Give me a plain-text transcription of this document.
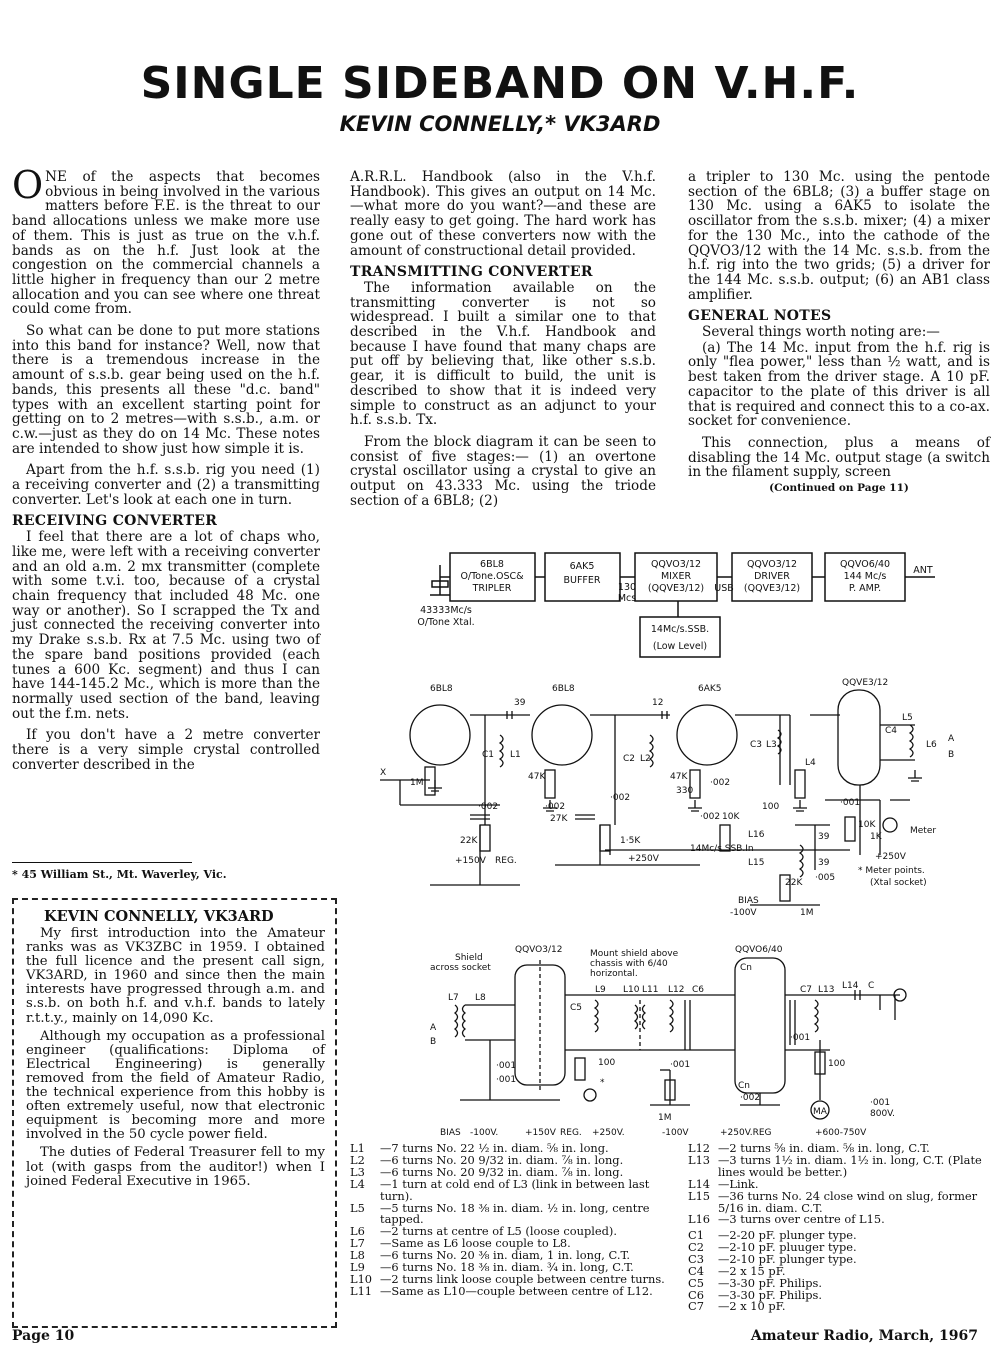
SINGLE SIDEBAND ON V.H.F.
KEVIN CONNELLY,* VK3ARD

ONE of the aspects that becomes obvious in being involved in the various matters before F.E. is the threat to our band allocations unless we make more use of them. This is just as true on the v.h.f. bands as on the h.f. Just look at the congestion on the commercial channels a little higher in frequency than our 2 metre allocation and you can see where one threat could come from.

So what can be done to put more stations into this band for instance? Well, now that there is a tremendous increase in the amount of s.s.b. gear being used on the h.f. bands, this presents all these "d.c. band" types with an excellent starting point for getting on to 2 metres—with s.s.b., a.m. or c.w.—just as they do on 14 Mc. These notes are intended to show just how simple it is.

Apart from the h.f. s.s.b. rig you need (1) a receiving converter and (2) a transmitting converter. Let's look at each one in turn.

RECEIVING CONVERTER

I feel that there are a lot of chaps who, like me, were left with a receiving converter and an old a.m. 2 mx transmitter (complete with some t.v.i. too, because of a crystal chain frequency that included 48 Mc. one way or another). So I scrapped the Tx and just connected the receiving converter into my Drake s.s.b. Rx at 7.5 Mc. using two of the spare band positions provided (each tunes a 600 Kc. segment) and thus I can have 144-145.2 Mc., which is more than the normally used section of the band, leaving out the f.m. nets.

If you don't have a 2 metre converter there is a very simple crystal controlled converter described in the

* 45 William St., Mt. Waverley, Vic.
KEVIN CONNELLY, VK3ARD

My first introduction into the Amateur ranks was as VK3ZBC in 1959. I obtained the full licence and the present call sign, VK3ARD, in 1960 and since then the main interests have progressed through a.m. and s.s.b. on both h.f. and v.h.f. bands to lately r.t.t.y., mainly on 14,090 Kc.

Although my occupation as a professional engineer (qualifications: Diploma of Electrical Engineering) is generally removed from the field of Amateur Radio, the technical experience from this hobby is often extremely useful, now that electronic equipment is becoming more and more involved in the 50 cycle power field.

The duties of Federal Treasurer fell to my lot (with gasps from the auditor!) when I joined Federal Executive in 1965.

A.R.R.L. Handbook (also in the V.h.f. Handbook). This gives an output on 14 Mc.—what more do you want?—and these are really easy to get going. The hard work has gone out of these converters now with the amount of constructional detail provided.

TRANSMITTING CONVERTER

The information available on the transmitting converter is not so widespread. I built a similar one to that described in the V.h.f. Handbook and because I have found that many chaps are put off by believing that, like other s.s.b. gear, it is difficult to build, the unit is described to show that it is indeed very simple to construct as an adjunct to your h.f. s.s.b. Tx.

From the block diagram it can be seen to consist of five stages:— (1) an overtone crystal oscillator using a crystal to give an output on 43.333 Mc. using the triode section of a 6BL8; (2)

a tripler to 130 Mc. using the pentode section of the 6BL8; (3) a buffer stage on 130 Mc. using a 6AK5 to isolate the oscillator from the s.s.b. mixer; (4) a mixer for the 130 Mc., into the cathode of the QQVO3/12 with the 14 Mc. s.s.b. from the h.f. rig into the two grids; (5) a driver for the 144 Mc. s.s.b. output; (6) an AB1 class amplifier.

GENERAL NOTES

Several things worth noting are:—

(a) The 14 Mc. input from the h.f. rig is only "flea power," less than ½ watt, and is best taken from the driver stage. A 10 pF. capacitor to the plate of this driver is all that is required and connect this to a co-ax. socket for convenience.

This connection, plus a means of disabling the 14 Mc. output stage (a switch in the filament supply, screen

(Continued on Page 11)
6BL8
O/Tone.OSC&
TRIPLER
6AK5
BUFFER
QQVO3/12
MIXER
(QQVE3/12)
QQVO3/12
DRIVER
(QQVE3/12)
QQVO6/40
144 Mc/s
P. AMP.
ANT
130
Mcs
USB
43333Mc/s
O/Tone Xtal.
14Mc/s.SSB.
(Low Level)
6BL8	6BL8	6AK5
QQVE3/12
X
1M
C1 L1
·002
22K
+150V REG.
39
47K
·002
27K
C2 L2
·002
1·5K
12
47K
330
·002
·002 10K
C3 L3
L4
100
C4
L5
L6
A
B
·001
10K
1K
Meter
L16
L15
14Mc/s SSB.In
39
39
22K ·005
+250V	+250V
* Meter points.
(Xtal socket)
BIAS
-100V	1M
QQVO3/12	QQVO6/40
Shield
across socket
Mount shield above
chassis with 6/40
horizontal.
L7 L8
C5
L9 L10 L11 L12 C6	C7 L13 L14 C
A
B
·001
·001
·001
·001
Cn
Cn
·002
100	100
*
MA	800V.
BIAS -100V.	+150V REG. +250V.
1M
-100V	+250V.REG	+600-750V
·001
L1	—7 turns No. 22 ½ in. diam. ⅝ in. long.
L2	—6 turns No. 20 9/32 in. diam. ⅞ in. long.
L3	—6 turns No. 20 9/32 in. diam. ⅞ in. long.
L4	—1 turn at cold end of L3 (link in between last turn).
L5	—5 turns No. 18 ⅜ in. diam. ½ in. long, centre tapped.
L6	—2 turns at centre of L5 (loose coupled).
L7	—Same as L6 loose couple to L8.
L8	—6 turns No. 20 ⅜ in. diam, 1 in. long, C.T.
L9	—6 turns No. 18 ⅜ in. diam. ¾ in. long, C.T.
L10 —2 turns link loose couple between centre turns.
L11 —Same as L10—couple between centre of L12.
L12 —2 turns ⅝ in. diam. ⅝ in. long, C.T.
L13 —3 turns 1½ in. diam. 1½ in. long, C.T. (Plate lines would be better.)
L14 —Link.
L15 —36 turns No. 24 close wind on slug, former 5/16 in. diam. C.T.
L16 —3 turns over centre of L15.
C1	—2-20 pF. plunger type.
C2	—2-10 pF. pluuger type.
C3	—2-10 pF. plunger type.
C4	—2 x 15 pF.
C5	—3-30 pF. Philips.
C6	—3-30 pF. Philips.
C7	—2 x 10 pF.
Page 10	Amateur Radio, March, 1967
